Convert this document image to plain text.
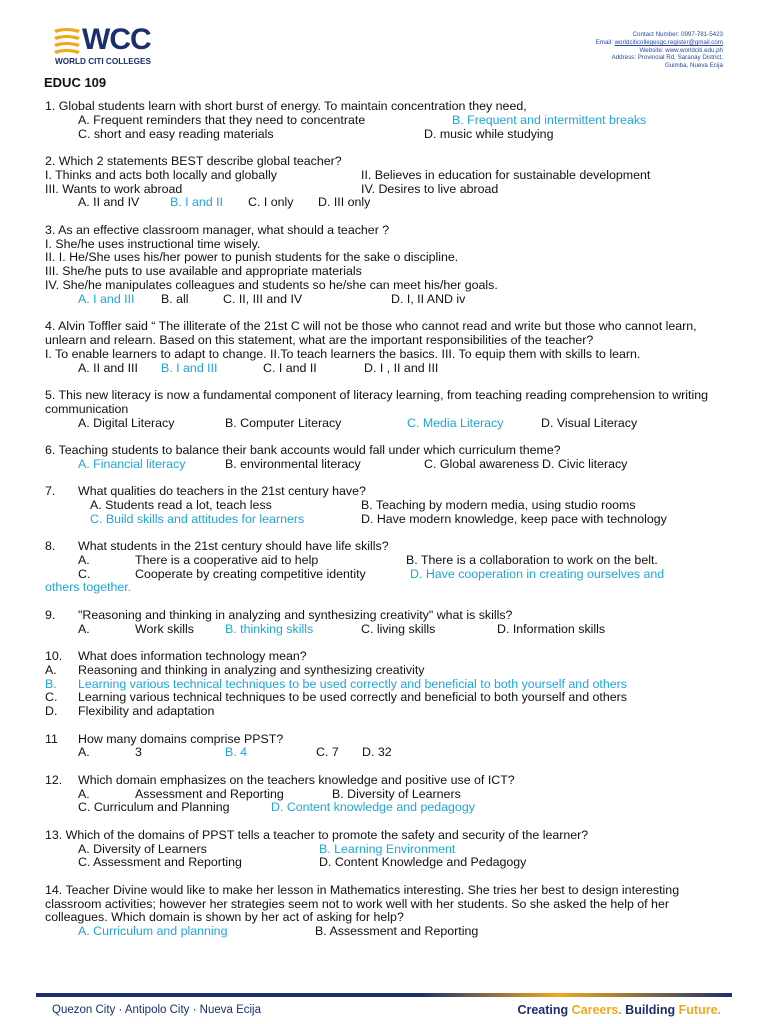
WCC
WORLD CITI COLLEGES
Contact Number: 0997-781-5423
Email: worldciticollegesgc.register@gmail.com
Website: www.worldciti.edu.ph
Address: Provincial Rd, Saranay District,
Guimba, Nueva Ecija
EDUC 109
1. Global students learn with short burst of energy. To maintain concentration they need,
A. Frequent reminders that they need to concentrate	B. Frequent and intermittent breaks
C. short and easy reading materials	D. music while studying
2. Which 2 statements BEST describe global teacher?
I. Thinks and acts both locally and globally	II. Believes in education for sustainable development
III. Wants to work abroad	IV. Desires to live abroad
A. II and IV B. I and II C. I only D. III only
3. As an effective classroom manager, what should a teacher ?
I. She/he uses instructional time wisely.
II. I. He/She uses his/her power to punish students for the sake o discipline.
III. She/he puts to use available and appropriate materials
IV. She/he manipulates colleagues and students so he/she can meet his/her goals.
A. I and III B. all	C. II, III and IV	D. I, II AND iv
4. Alvin Toffler said “ The illiterate of the 21st C will not be those who cannot read and write but those who cannot learn, unlearn and relearn. Based on this statement, what are the important responsibilities of the teacher?
I. To enable learners to adapt to change. II.To teach learners the basics. III. To equip them with skills to learn.
A. II and III B. I and III	C. I and II	D. I , II and III
5. This new literacy is now a fundamental component of literacy learning, from teaching reading comprehension to writing communication
A. Digital Literacy	B. Computer Literacy	C. Media Literacy	D. Visual Literacy
6. Teaching students to balance their bank accounts would fall under which curriculum theme?
A. Financial literacy	B. environmental literacy	C. Global awareness D. Civic literacy
7. What qualities do teachers in the 21st century have?
A. Students read a lot, teach less	B. Teaching by modern media, using studio rooms
C. Build skills and attitudes for learners	D. Have modern knowledge, keep pace with technology
8. What students in the 21st century should have life skills?
A.	There is a cooperative aid to help	B. There is a collaboration to work on the belt.
C.	Cooperate by creating competitive identity	D. Have cooperation in creating ourselves and
others together.
9. "Reasoning and thinking in analyzing and synthesizing creativity" what is skills?
A.	Work skills	B. thinking skills	C. living skills	D. Information skills
10. What does information technology mean?
A. Reasoning and thinking in analyzing and synthesizing creativity
B. Learning various technical techniques to be used correctly and beneficial to both yourself and others
C. Learning various technical techniques to be used correctly and beneficial to both yourself and others
D. Flexibility and adaptation
11 How many domains comprise PPST?
A.	3	B. 4	C. 7 D. 32
12. Which domain emphasizes on the teachers knowledge and positive use of ICT?
A.	Assessment and Reporting	B. Diversity of Learners
C. Curriculum and Planning	D. Content knowledge and pedagogy
13. Which of the domains of PPST tells a teacher to promote the safety and security of the learner?
A. Diversity of Learners	B. Learning Environment
C. Assessment and Reporting	D. Content Knowledge and Pedagogy
14. Teacher Divine would like to make her lesson in Mathematics interesting. She tries her best to design interesting classroom activities; however her strategies seem not to work well with her students. So she asked the help of her colleagues. Which domain is shown by her act of asking for help?
A. Curriculum and planning	B. Assessment and Reporting
Quezon City · Antipolo City · Nueva Ecija	Creating Careers. Building Future.
